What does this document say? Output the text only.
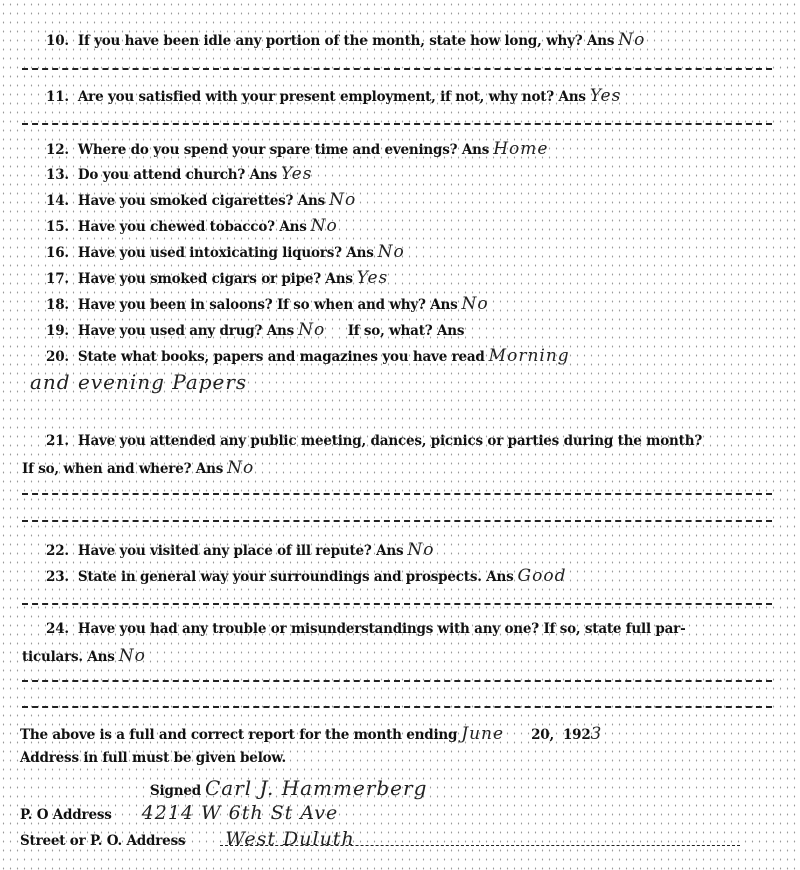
10. If you have been idle any portion of the month, state how long, why? Ans No
11. Are you satisfied with your present employment, if not, why not? Ans Yes
12. Where do you spend your spare time and evenings? Ans Home
13. Do you attend church? Ans Yes
14. Have you smoked cigarettes? Ans No
15. Have you chewed tobacco? Ans No
16. Have you used intoxicating liquors? Ans No
17. Have you smoked cigars or pipe? Ans Yes
18. Have you been in saloons? If so when and why? Ans No
19. Have you used any drug? Ans No If so, what? Ans
20. State what books, papers and magazines you have read Morning
and evening Papers
21. Have you attended any public meeting, dances, picnics or parties during the month?
If so, when and where? Ans No
22. Have you visited any place of ill repute? Ans No
23. State in general way your surroundings and prospects. Ans Good
24. Have you had any trouble or misunderstandings with any one? If so, state full par-
ticulars. Ans No
The above is a full and correct report for the month ending June 20, 1923
Address in full must be given below.
Signed Carl J. Hammerberg
P. O Address 4214 W 6th St Ave
Street or P. O. Address West Duluth
